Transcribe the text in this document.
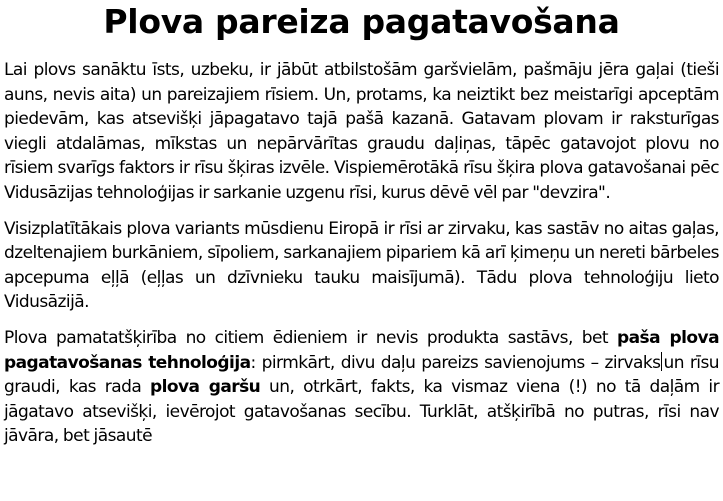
Plova pareiza pagatavošana

Lai plovs sanāktu īsts, uzbeku, ir jābūt atbilstošām garšvielām, pašmāju jēra gaļai (tieši auns, nevis aita) un pareizajiem rīsiem. Un, protams, ka neiztikt bez meistarīgi apceptām piedevām, kas atsevišķi jāpagatavo tajā pašā kazanā. Gatavam plovam ir raksturīgas viegli atdalāmas, mīkstas un nepārvārītas graudu daļiņas, tāpēc gatavojot plovu no rīsiem svarīgs faktors ir rīsu šķiras izvēle. Vispiemērotākā rīsu šķira plova gatavošanai pēc Vidusāzijas tehnoloģijas ir sarkanie uzgenu rīsi, kurus dēvē vēl par "devzira".

Visizplatītākais plova variants mūsdienu Eiropā ir rīsi ar zirvaku, kas sastāv no aitas gaļas, dzeltenajiem burkāniem, sīpoliem, sarkanajiem pipariem kā arī ķimeņu un nereti bārbeles apcepuma eļļā (eļļas un dzīvnieku tauku maisījumā). Tādu plova tehnoloģiju lieto Vidusāzijā.

Plova pamatatšķirība no citiem ēdieniem ir nevis produkta sastāvs, bet paša plova pagatavošanas tehnoloģija: pirmkārt, divu daļu pareizs savienojums – zirvaks un rīsu graudi, kas rada plova garšu un, otrkārt, fakts, ka vismaz viena (!) no tā daļām ir jāgatavo atsevišķi, ievērojot gatavošanas secību. Turklāt, atšķirībā no putras, rīsi nav jāvāra, bet jāsautē
